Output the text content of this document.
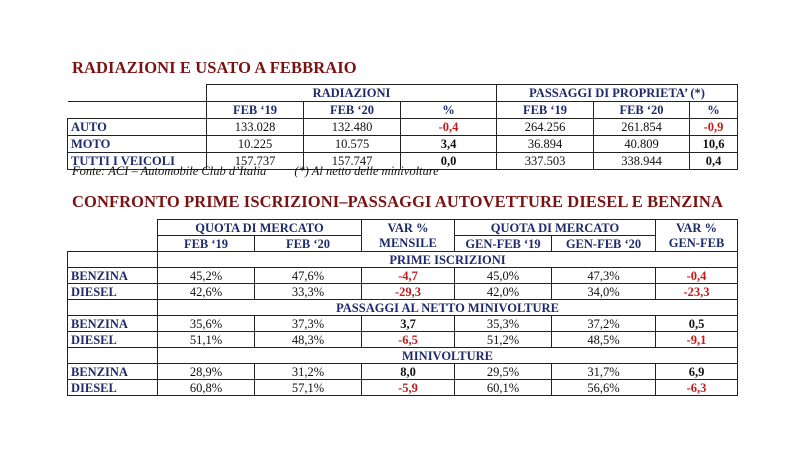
RADIAZIONI E USATO A FEBBRAIO
	RADIAZIONI			PASSAGGI DI PROPRIETA’ (*)		
	FEB ‘19	FEB ‘20	%	FEB ‘19	FEB ‘20	%
AUTO	133.028	132.480	-0,4	264.256	261.854	-0,9
MOTO	10.225	10.575	3,4	36.894	40.809	10,6
TUTTI I VEICOLI	157.737	157.747	0,0	337.503	338.944	0,4
Fonte: ACI – Automobile Club d’Italia (*) Al netto delle minivolture
CONFRONTO PRIME ISCRIZIONI–PASSAGGI AUTOVETTURE DIESEL E BENZINA
	QUOTA DI MERCATO		VAR %	QUOTA DI MERCATO		VAR %
	FEB ‘19	FEB ‘20	MENSILE	GEN-FEB ‘19	GEN-FEB ‘20	GEN-FEB
	PRIME ISCRIZIONI					
BENZINA	45,2%	47,6%	-4,7	45,0%	47,3%	-0,4
DIESEL	42,6%	33,3%	-29,3	42,0%	34,0%	-23,3
	PASSAGGI AL NETTO MINIVOLTURE					
BENZINA	35,6%	37,3%	3,7	35,3%	37,2%	0,5
DIESEL	51,1%	48,3%	-6,5	51,2%	48,5%	-9,1
	MINIVOLTURE					
BENZINA	28,9%	31,2%	8,0	29,5%	31,7%	6,9
DIESEL	60,8%	57,1%	-5,9	60,1%	56,6%	-6,3
